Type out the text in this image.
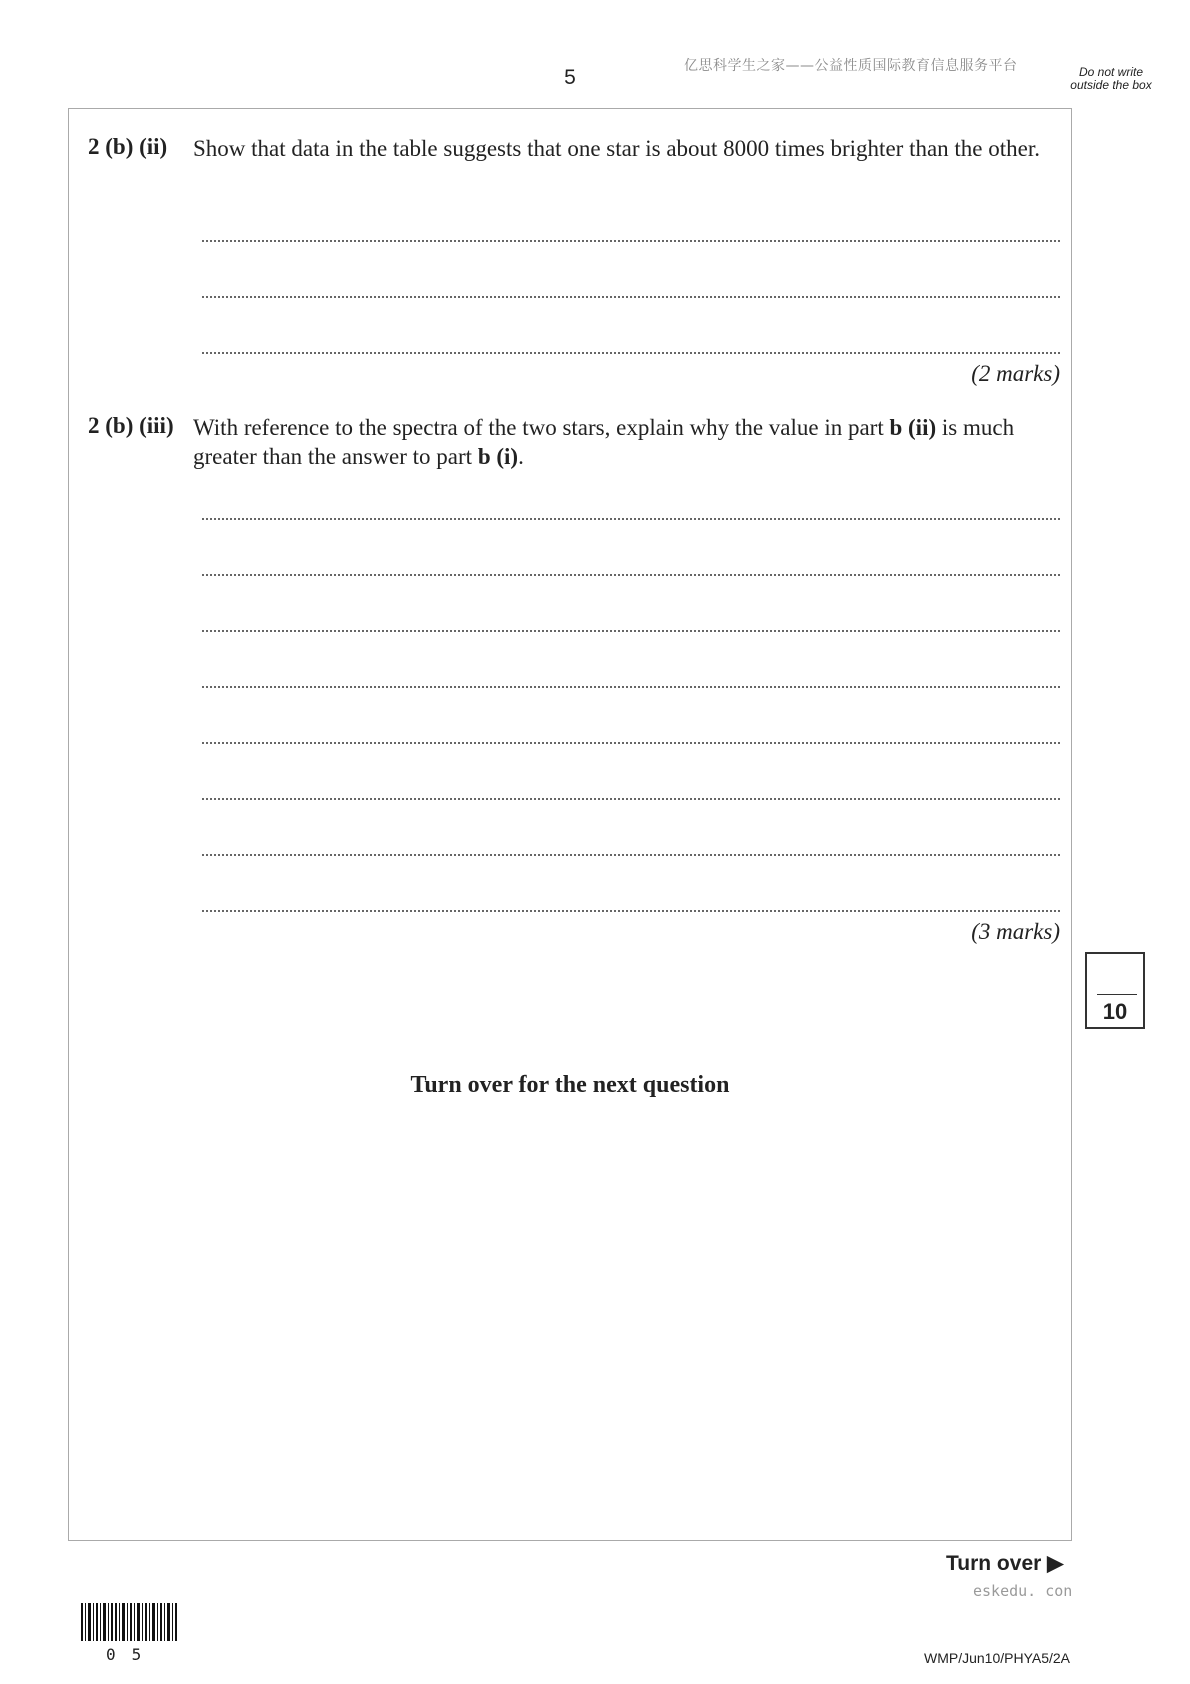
5	亿思科学生之家——公益性质国际教育信息服务平台	Do not write outside the box
2 (b) (ii) Show that data in the table suggests that one star is about 8000 times brighter than the other.
(2 marks)
2 (b) (iii) With reference to the spectra of the two stars, explain why the value in part b (ii) is much greater than the answer to part b (i).
(3 marks)
Turn over for the next question
10
Turn over ▶
eskedu. con
05	WMP/Jun10/PHYA5/2A
